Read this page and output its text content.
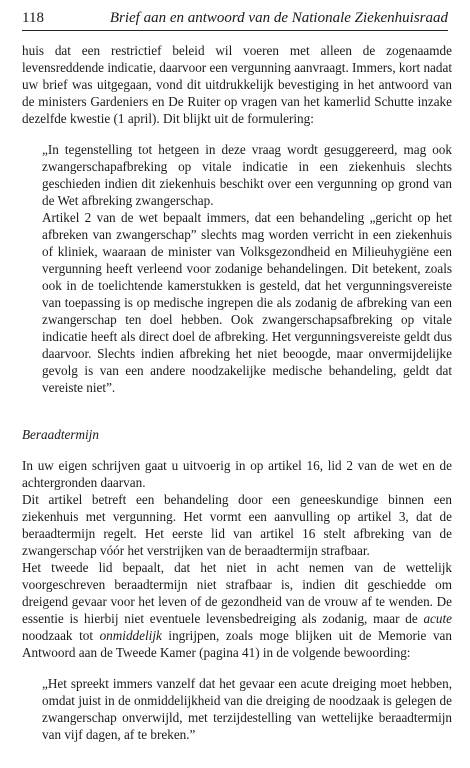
118	Brief aan en antwoord van de Nationale Ziekenhuisraad

huis dat een restrictief beleid wil voeren met alleen de zogenaamde levensreddende indicatie, daarvoor een vergunning aanvraagt. Immers, kort nadat uw brief was uitgegaan, vond dit uitdrukkelijk bevestiging in het antwoord van de ministers Gardeniers en De Ruiter op vragen van het kamerlid Schutte inzake dezelfde kwestie (1 april). Dit blijkt uit de formulering:

„In tegenstelling tot hetgeen in deze vraag wordt gesuggereerd, mag ook zwangerschapafbreking op vitale indicatie in een ziekenhuis slechts geschieden indien dit ziekenhuis beschikt over een vergunning op grond van de Wet afbreking zwangerschap.

Artikel 2 van de wet bepaalt immers, dat een behandeling „gericht op het afbreken van zwangerschap” slechts mag worden verricht in een ziekenhuis of kliniek, waaraan de minister van Volksgezondheid en Milieuhygiëne een vergunning heeft verleend voor zodanige behandelingen. Dit betekent, zoals ook in de toelichtende kamerstukken is gesteld, dat het vergunningsvereiste van toepassing is op medische ingrepen die als zodanig de afbreking van een zwangerschap ten doel hebben. Ook zwangerschapsafbreking op vitale indicatie heeft als direct doel de afbreking. Het vergunningsvereiste geldt dus daarvoor. Slechts indien afbreking het niet beoogde, maar onvermijdelijke gevolg is van een andere noodzakelijke medische behandeling, geldt dat vereiste niet”.

Beraadtermijn

In uw eigen schrijven gaat u uitvoerig in op artikel 16, lid 2 van de wet en de achtergronden daarvan.

Dit artikel betreft een behandeling door een geneeskundige binnen een ziekenhuis met vergunning. Het vormt een aanvulling op artikel 3, dat de beraadtermijn regelt. Het eerste lid van artikel 16 stelt afbreking van de zwangerschap vóór het verstrijken van de beraadtermijn strafbaar.

Het tweede lid bepaalt, dat het niet in acht nemen van de wettelijk voorgeschreven beraadtermijn niet strafbaar is, indien dit geschiedde om dreigend gevaar voor het leven of de gezondheid van de vrouw af te wenden. De essentie is hierbij niet eventuele levensbedreiging als zodanig, maar de acute noodzaak tot onmiddelijk ingrijpen, zoals moge blijken uit de Memorie van Antwoord aan de Tweede Kamer (pagina 41) in de volgende bewoording:

„Het spreekt immers vanzelf dat het gevaar een acute dreiging moet hebben, omdat juist in de onmiddelijkheid van die dreiging de noodzaak is gelegen de zwangerschap onverwijld, met terzijdestelling van wettelijke beraadtermijn van vijf dagen, af te breken.”
